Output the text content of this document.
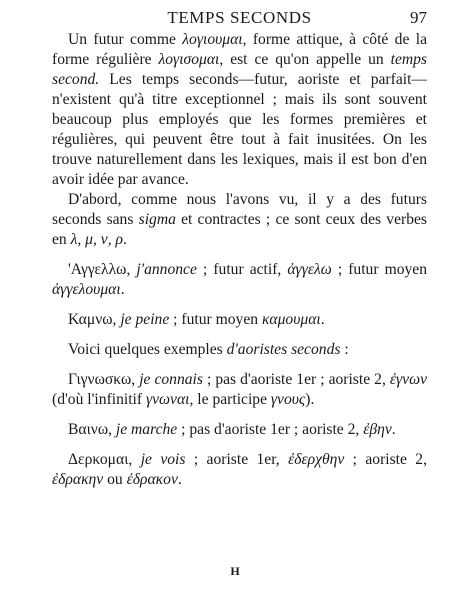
TEMPS SECONDS	97

Un futur comme λογιουμαι, forme attique, à côté de la forme régulière λογισομαι, est ce qu'on appelle un temps second. Les temps seconds—futur, aoriste et parfait—n'existent qu'à titre exceptionnel ; mais ils sont souvent beaucoup plus employés que les formes premières et régulières, qui peuvent être tout à fait inusitées. On les trouve naturellement dans les lexiques, mais il est bon d'en avoir idée par avance.

D'abord, comme nous l'avons vu, il y a des futurs seconds sans sigma et contractes ; ce sont ceux des verbes en λ, μ, ν, ρ.

'Αγγελλω, j'annonce ; futur actif, ἀγγελω ; futur moyen ἀγγελουμαι.

Καμνω, je peine ; futur moyen καμουμαι.

Voici quelques exemples d'aoristes seconds :

Γιγνωσκω, je connais ; pas d'aoriste 1er ; aoriste 2, ἐγνων (d'où l'infinitif γνωναι, le participe γνους).

Βαινω, je marche ; pas d'aoriste 1er ; aoriste 2, ἐβην.

Δερκομαι, je vois ; aoriste 1er, ἐδερχθην ; aoriste 2, ἐδρακην ou ἐδρακον.

H
